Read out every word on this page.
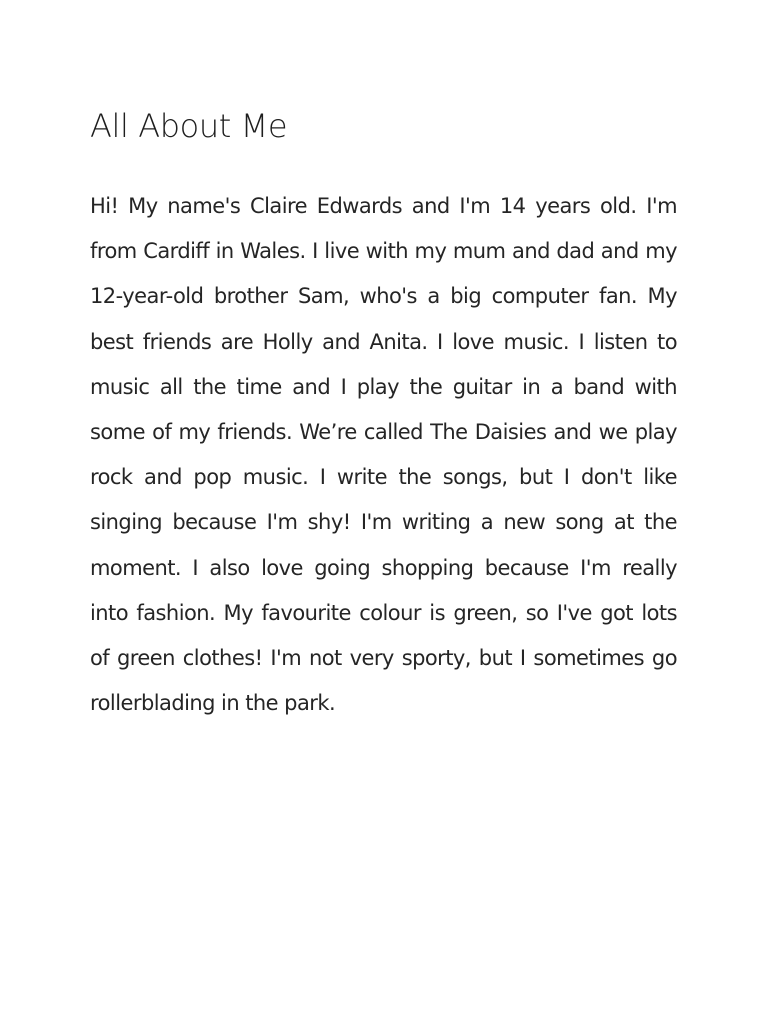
All About Me

Hi! My name's Claire Edwards and I'm 14 years old. I'm from Cardiff in Wales. I live with my mum and dad and my 12-year-old brother Sam, who's a big computer fan. My best friends are Holly and Anita. I love music. I listen to music all the time and I play the guitar in a band with some of my friends. We’re called The Daisies and we play rock and pop music. I write the songs, but I don't like singing because I'm shy! I'm writing a new song at the moment. I also love going shopping because I'm really into fashion. My favourite colour is green, so I've got lots of green clothes! I'm not very sporty, but I sometimes go rollerblading in the park.
